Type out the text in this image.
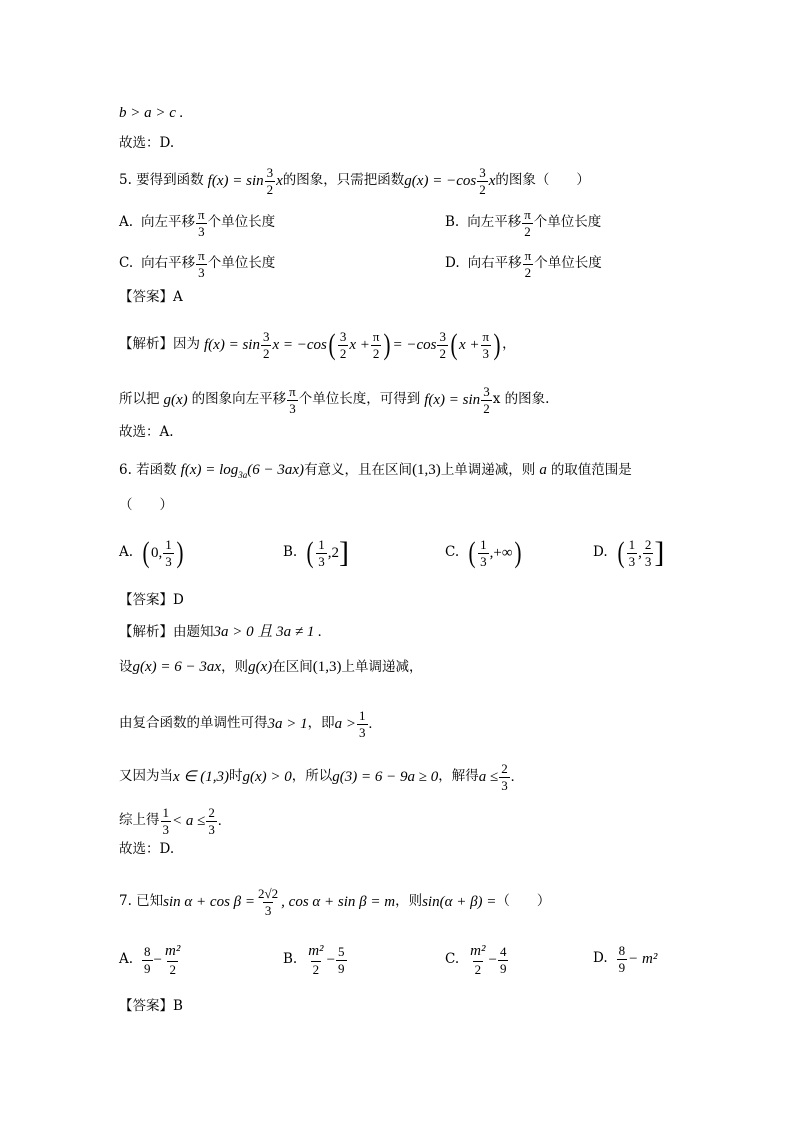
b > a > c .
故选：D.
5. 要得到函数 $f(x) = \sin \frac{3}{2}$ x 的图象，只需把函数 $g(x) = -\cos \frac{3}{2}$ x 的图象（　　）
A. 向左平移 $\frac{\pi}{3}$ 个单位长度	B. 向左平移 $\frac{\pi}{2}$ 个单位长度
C. 向右平移 $\frac{\pi}{3}$ 个单位长度	D. 向右平移 $\frac{\pi}{2}$ 个单位长度
【答案】A
【解析】 因为 $f(x) = \sin \frac{3}{2}$ x = −cos ( $\frac{3}{2}$ $x + \frac{\pi}{2}$ ) = $-\cos \frac{3}{2}$ ( $x + \frac{\pi}{3}$ ) ，
所以把 g(x) 的图象向左平移 $\frac{\pi}{3}$ 个单位长度，可得到 $f(x) = \sin \frac{3}{2}$ x 的图象.
故选：A.
6. 若函数 f(x) = log 3a (6 − 3ax) 有意义，且在区间 (1,3) 上单调递减，则 a 的取值范围是
（　　）
A. ( 0, $\frac{1}{3}$ )	B. ( $\frac{1}{3} ,2$ ]	C. ( $\frac{1}{3}$ ,+∞ )	D. ( $\frac{1}{3}$ , $\frac{2}{3}$ ]
【答案】D
【解析】 由题知 3a > 0 且 3a ≠ 1 .
设 g(x) = 6 − 3ax ，则 g(x) 在区间 (1,3) 上单调递减，
由复合函数的单调性可得 3a > 1 ，即 $a > \frac{1}{3}$ .
又因为当 x ∈ (1,3) 时 g(x) > 0 ，所以 g(3) = 6 − 9a ≥ 0 ，解得 $a \le \frac{2}{3}$ .
综上得 $\frac{1}{3} < a \le \frac{2}{3}$ .
故选：D.
7. 已知 $\sin \alpha + \cos \beta = \frac{2√2}{3}$ , cos α + sin β = m ，则 sin(α + β) = （　　）
A. $\frac{8}{9} - \frac{\text{m²}}{2}$	B. $\frac{\text{m²}}{2} - \frac{5}{9}$	C. $\frac{\text{m²}}{2} - \frac{4}{9}$	D. $\frac{8}{9} - m^2$
【答案】B
